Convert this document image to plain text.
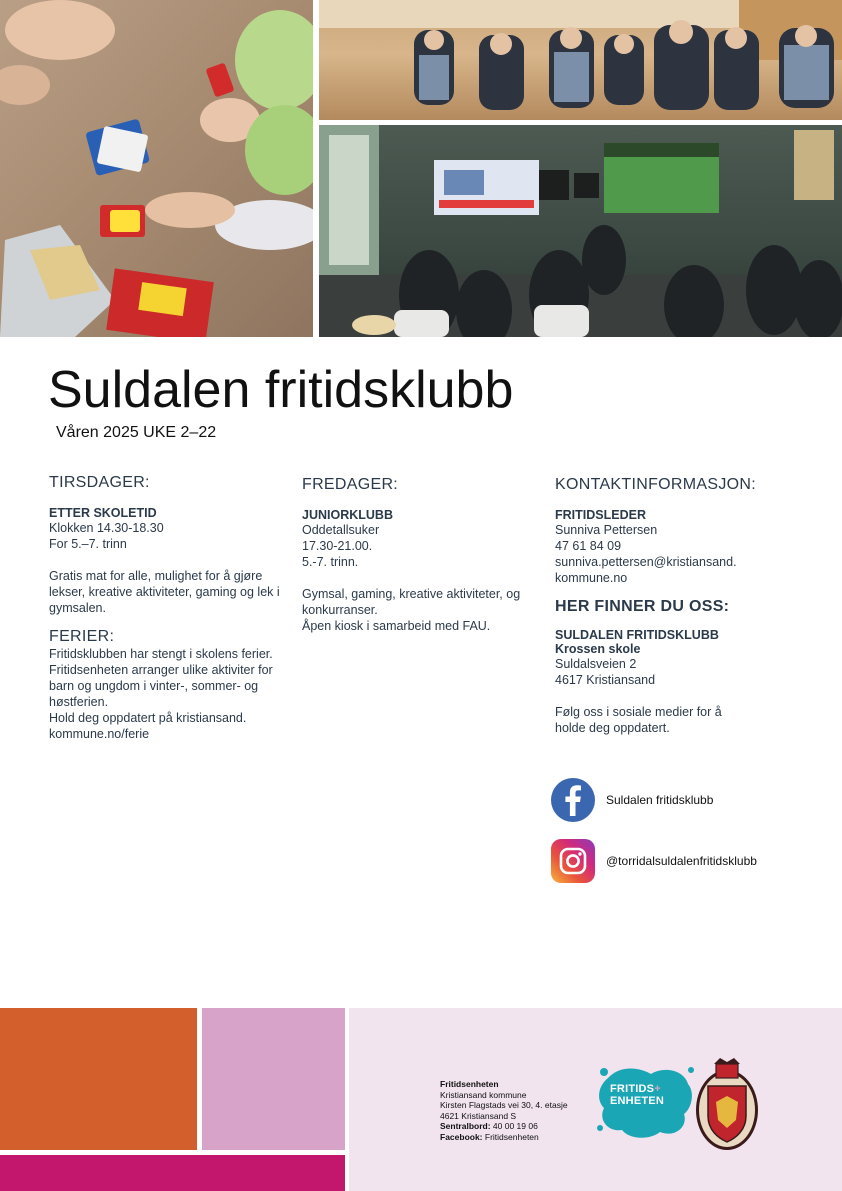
Suldalen fritidsklubb
Våren 2025 UKE 2–22
TIRSDAGER:
ETTER SKOLETID
Klokken 14.30-18.30
For 5.–7. trinn
Gratis mat for alle, mulighet for å gjøre
lekser, kreative aktiviteter, gaming og lek i
gymsalen.
FERIER:
Fritidsklubben har stengt i skolens ferier.
Fritidsenheten arranger ulike aktiviter for
barn og ungdom i vinter-, sommer- og
høstferien.
Hold deg oppdatert på kristiansand.
kommune.no/ferie
FREDAGER:
JUNIORKLUBB
Oddetallsuker
17.30-21.00.
5.-7. trinn.
Gymsal, gaming, kreative aktiviteter, og
konkurranser.
Åpen kiosk i samarbeid med FAU.
KONTAKTINFORMASJON:
FRITIDSLEDER
Sunniva Pettersen
47 61 84 09
sunniva.pettersen@kristiansand.
kommune.no
HER FINNER DU OSS:
SULDALEN FRITIDSKLUBB
Krossen skole
Suldalsveien 2
4617 Kristiansand
Følg oss i sosiale medier for å
holde deg oppdatert.
Suldalen fritidsklubb
@torridalsuldalenfritidsklubb
Fritidsenheten
Kristiansand kommune
Kirsten Flagstads vei 30, 4. etasje
4621 Kristiansand S
Sentralbord: 40 00 19 06
Facebook: Fritidsenheten
FRITIDS+
ENHETEN
